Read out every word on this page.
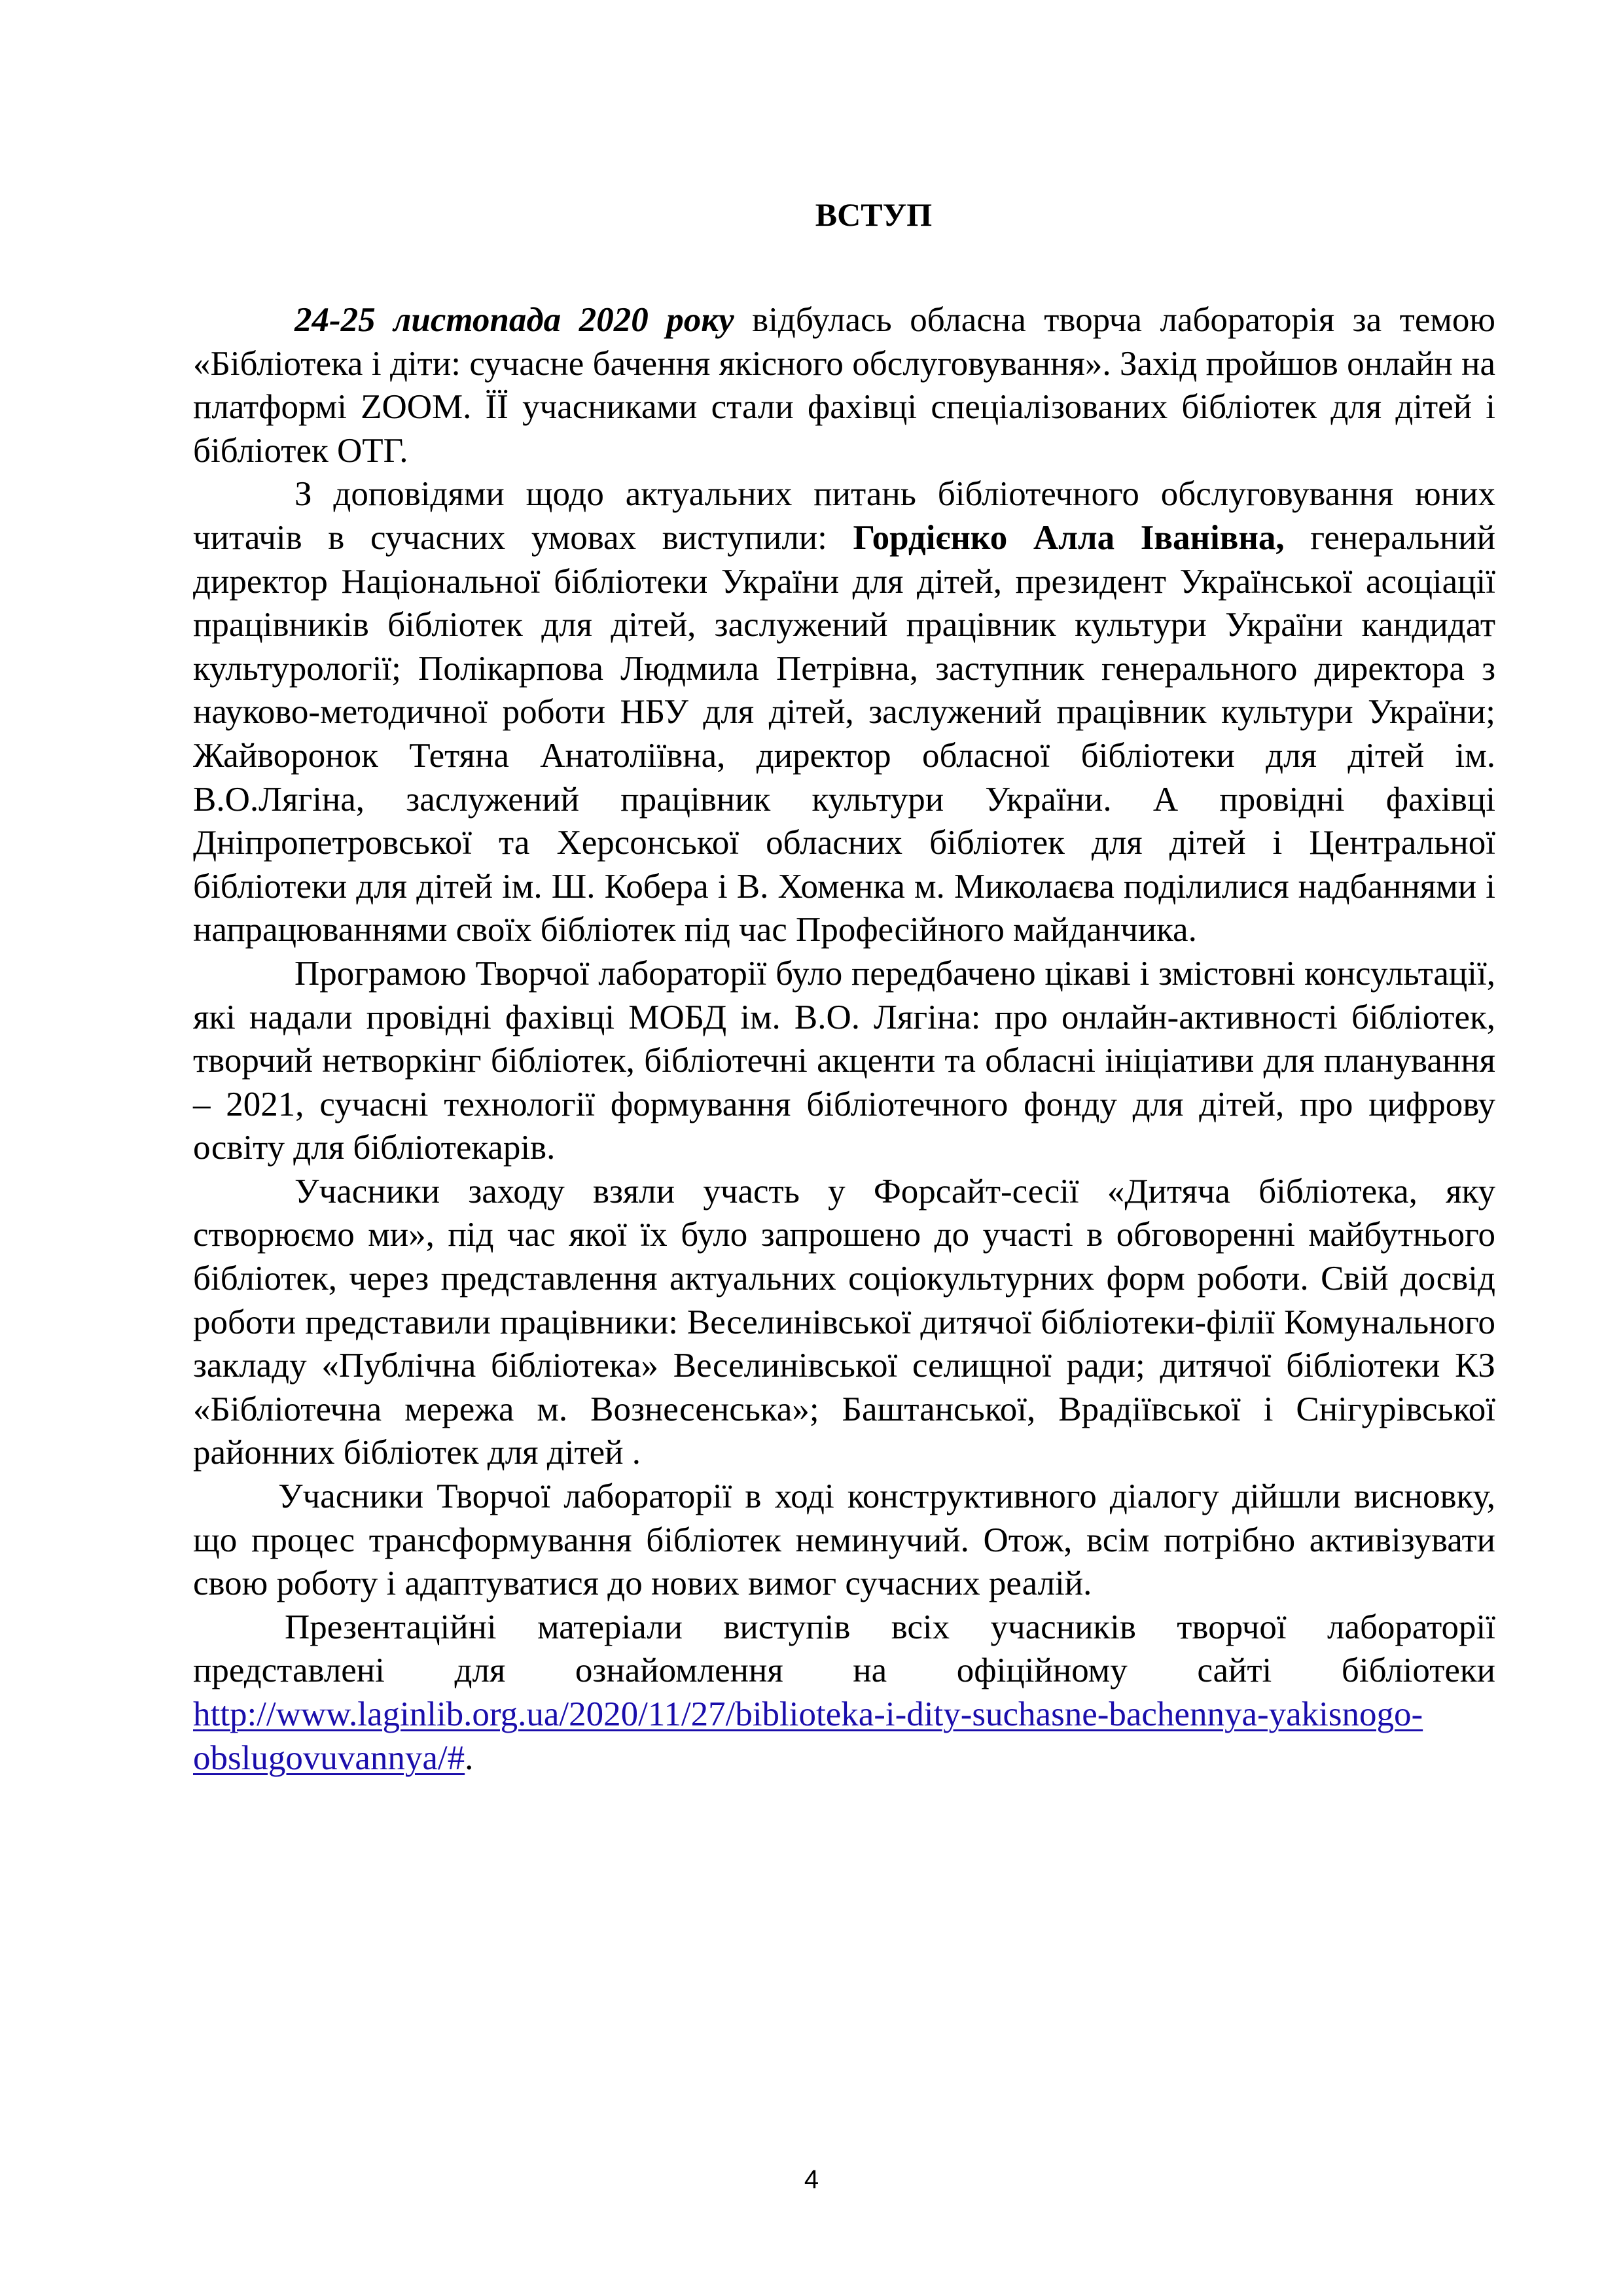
ВСТУП

24-25 листопада 2020 року відбулась обласна творча лабораторія за темою «Бібліотека і діти: сучасне бачення якісного обслуговування». Захід пройшов онлайн на платформі ZOOM. ЇЇ учасниками стали фахівці спеціалізованих бібліотек для дітей і бібліотек ОТГ.

З доповідями щодо актуальних питань бібліотечного обслуговування юних читачів в сучасних умовах виступили: Гордієнко Алла Іванівна, генеральний директор Національної бібліотеки України для дітей, президент Української асоціації працівників бібліотек для дітей, заслужений працівник культури України кандидат культурології; Полікарпова Людмила Петрівна, заступник генерального директора з науково-методичної роботи НБУ для дітей, заслужений працівник культури України; Жайворонок Тетяна Анатоліївна, директор обласної бібліотеки для дітей ім. В.О.Лягіна, заслужений працівник культури України. А провідні фахівці Дніпропетровської та Херсонської обласних бібліотек для дітей і Центральної бібліотеки для дітей ім. Ш. Кобера і В. Хоменка м. Миколаєва поділилися надбаннями і напрацюваннями своїх бібліотек під час Професійного майданчика.

Програмою Творчої лабораторії було передбачено цікаві і змістовні консультації, які надали провідні фахівці МОБД ім. В.О. Лягіна: про онлайн-активності бібліотек, творчий нетворкінг бібліотек, бібліотечні акценти та обласні ініціативи для планування – 2021, сучасні технології формування бібліотечного фонду для дітей, про цифрову освіту для бібліотекарів.

Учасники заходу взяли участь у Форсайт-сесії «Дитяча бібліотека, яку створюємо ми», під час якої їх було запрошено до участі в обговоренні майбутнього бібліотек, через представлення актуальних соціокультурних форм роботи. Свій досвід роботи представили працівники: Веселинівської дитячої бібліотеки-філії Комунального закладу «Публічна бібліотека» Веселинівської селищної ради; дитячої бібліотеки КЗ «Бібліотечна мережа м. Вознесенська»; Баштанської, Врадіївської і Снігурівської районних бібліотек для дітей .

Учасники Творчої лабораторії в ході конструктивного діалогу дійшли висновку, що процес трансформування бібліотек неминучий. Отож, всім потрібно активізувати свою роботу і адаптуватися до нових вимог сучасних реалій.

Презентаційні матеріали виступів всіх учасників творчої лабораторії представлені для ознайомлення на офіційному сайті бібліотеки http://www.laginlib.org.ua/2020/11/27/biblioteka-i-dity-suchasne-bachennya-yakisnogo-obslugovuvannya/#.

4
